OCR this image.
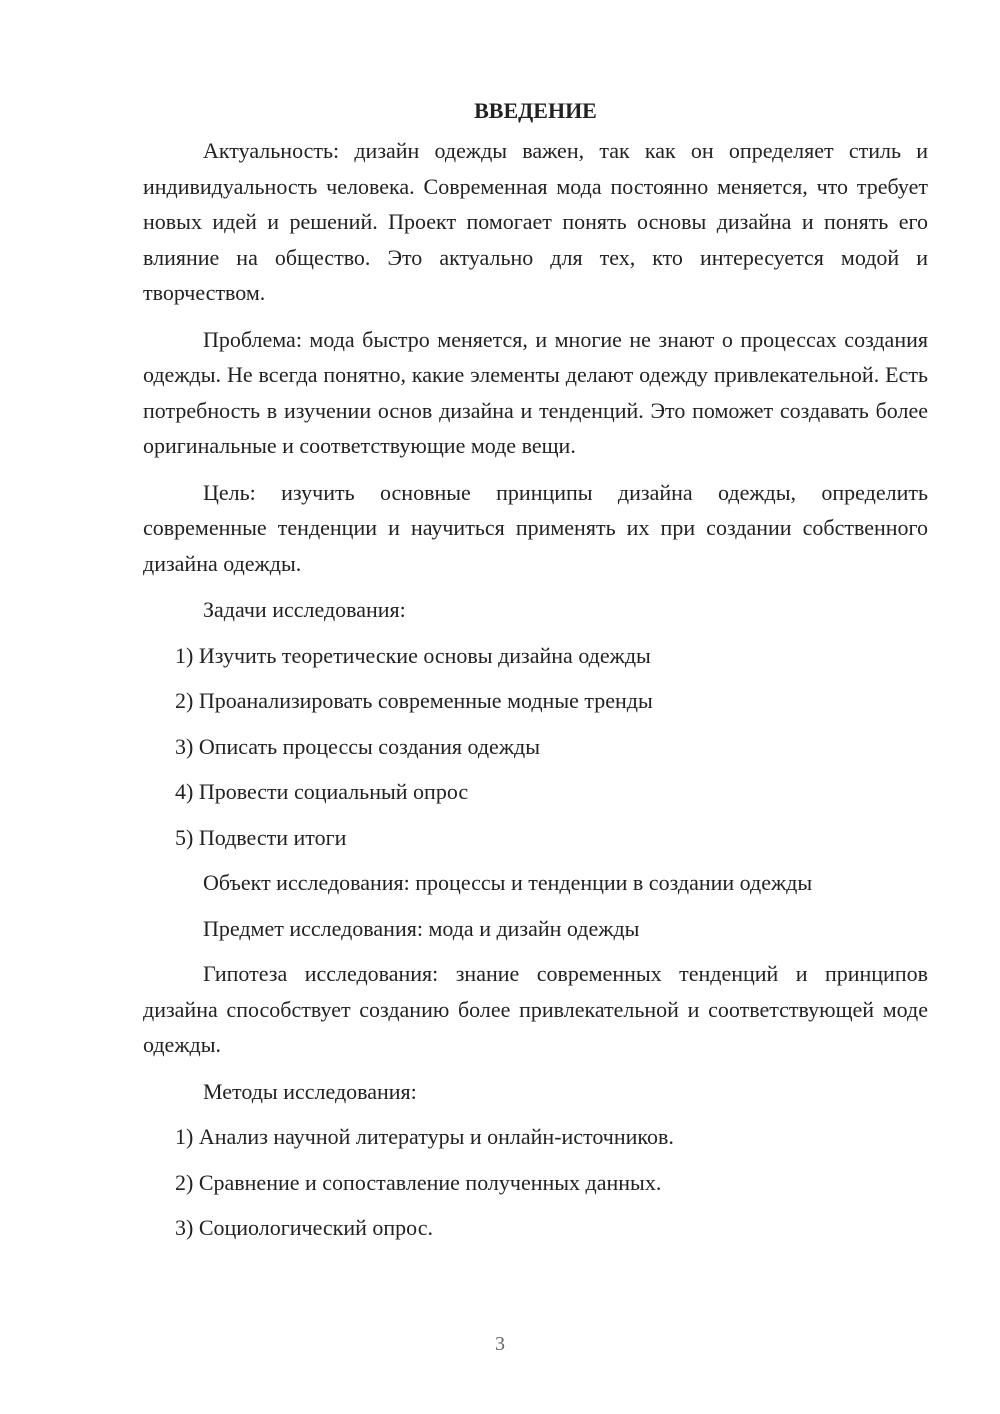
ВВЕДЕНИЕ

Актуальность: дизайн одежды важен, так как он определяет стиль и индивидуальность человека. Современная мода постоянно меняется, что требует новых идей и решений. Проект помогает понять основы дизайна и понять его влияние на общество. Это актуально для тех, кто интересуется модой и творчеством.

Проблема: мода быстро меняется, и многие не знают о процессах создания одежды. Не всегда понятно, какие элементы делают одежду привлекательной. Есть потребность в изучении основ дизайна и тенденций. Это поможет создавать более оригинальные и соответствующие моде вещи.

Цель: изучить основные принципы дизайна одежды, определить современные тенденции и научиться применять их при создании собственного дизайна одежды.

Задачи исследования:

1) Изучить теоретические основы дизайна одежды

2) Проанализировать современные модные тренды

3) Описать процессы создания одежды

4) Провести социальный опрос

5) Подвести итоги

Объект исследования: процессы и тенденции в создании одежды

Предмет исследования: мода и дизайн одежды

Гипотеза исследования: знание современных тенденций и принципов дизайна способствует созданию более привлекательной и соответствующей моде одежды.

Методы исследования:

1) Анализ научной литературы и онлайн-источников.

2) Сравнение и сопоставление полученных данных.

3) Социологический опрос.

3
